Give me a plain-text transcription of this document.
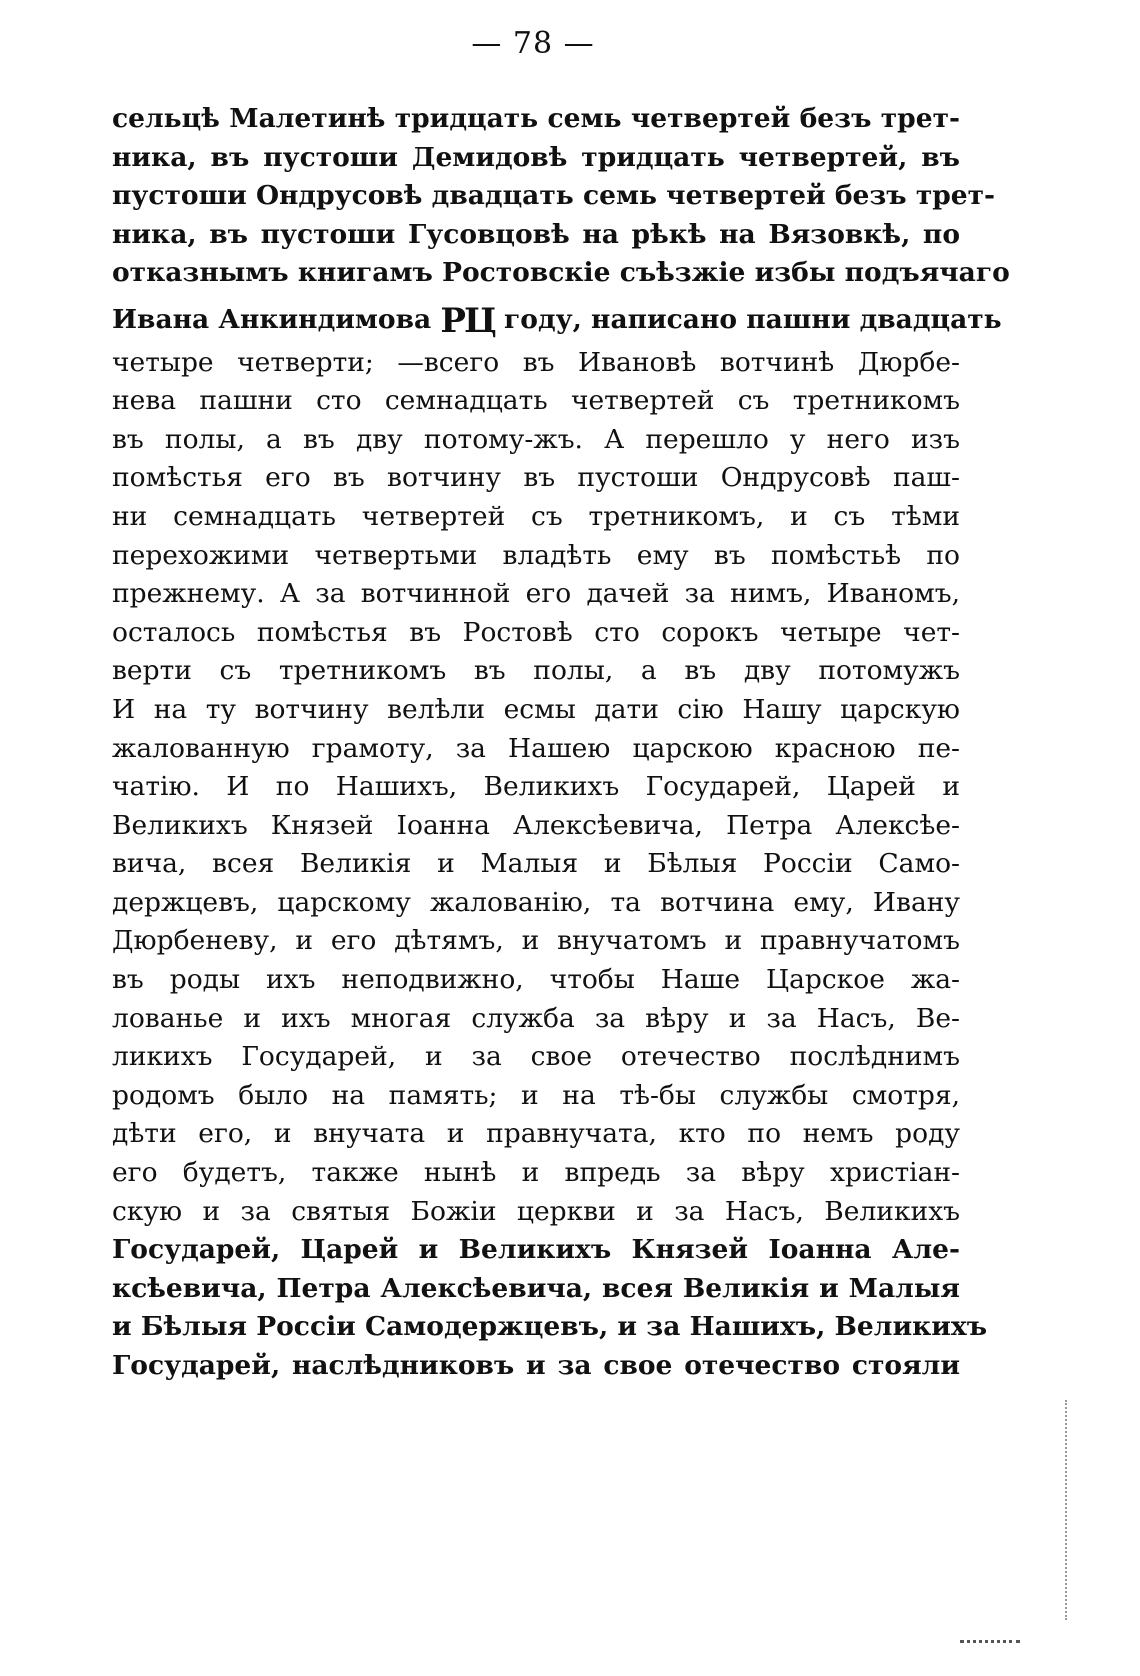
— 78 —
сельцѣ Малетинѣ тридцать семь четвертей безъ трет-
ника, въ пустоши Демидовѣ тридцать четвертей, въ
пустоши Ондрусовѣ двадцать семь четвертей безъ трет-
ника, въ пустоши Гусовцовѣ на рѣкѣ на Вязовкѣ, по
отказнымъ книгамъ Ростовскіе съѣзжіе избы подъячаго
Ивана Анкиндимова РЦ году, написано пашни двадцать
четыре четверти; —всего въ Ивановѣ вотчинѣ Дюрбе-
нева пашни сто семнадцать четвертей съ третникомъ
въ полы, а въ дву потому-жъ. А перешло у него изъ
помѣстья его въ вотчину въ пустоши Ондрусовѣ паш-
ни семнадцать четвертей съ третникомъ, и съ тѣми
перехожими четвертьми владѣть ему въ помѣстьѣ по
прежнему. А за вотчинной его дачей за нимъ, Иваномъ,
осталось помѣстья въ Ростовѣ сто сорокъ четыре чет-
верти съ третникомъ въ полы, а въ дву потомужъ
И на ту вотчину велѣли есмы дати сію Нашу царскую
жалованную грамоту, за Нашею царскою красною пе-
чатію. И по Нашихъ, Великихъ Государей, Царей и
Великихъ Князей Іоанна Алексѣевича, Петра Алексѣе-
вича, всея Великія и Малыя и Бѣлыя Россіи Само-
держцевъ, царскому жалованію, та вотчина ему, Ивану
Дюрбеневу, и его дѣтямъ, и внучатомъ и правнучатомъ
въ роды ихъ неподвижно, чтобы Наше Царское жа-
лованье и ихъ многая служба за вѣру и за Насъ, Ве-
ликихъ Государей, и за свое отечество послѣднимъ
родомъ было на память; и на тѣ-бы службы смотря,
дѣти его, и внучата и правнучата, кто по немъ роду
его будетъ, также нынѣ и впредь за вѣру христіан-
скую и за святыя Божіи церкви и за Насъ, Великихъ
Государей, Царей и Великихъ Князей Іоанна Але-
ксѣевича, Петра Алексѣевича, всея Великія и Малыя
и Бѣлыя Россіи Самодержцевъ, и за Нашихъ, Великихъ
Государей, наслѣдниковъ и за свое отечество стояли
